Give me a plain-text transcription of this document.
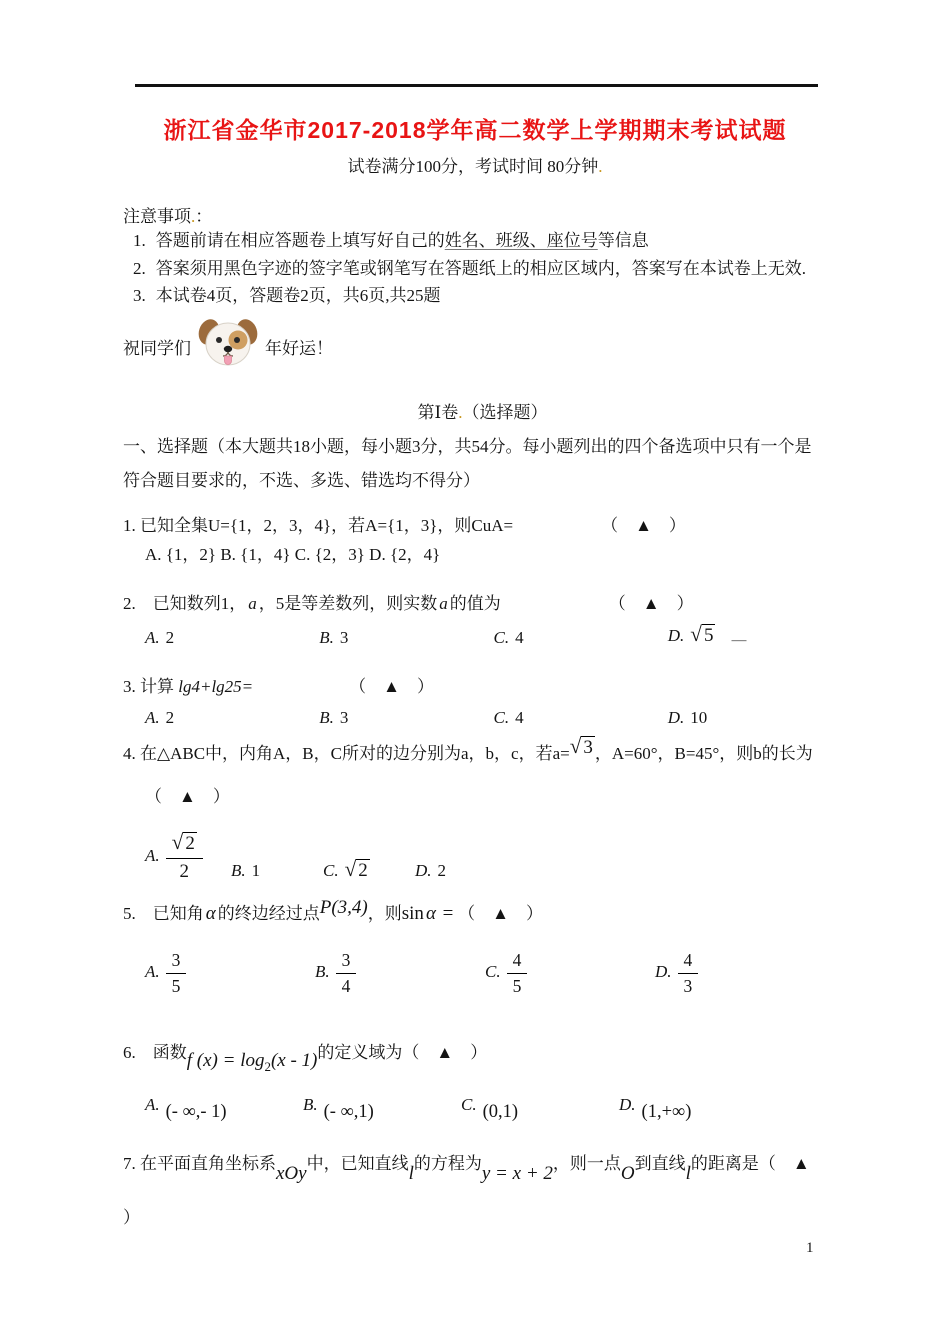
浙江省金华市2017-2018学年高二数学上学期期末考试试题
试卷满分100分，考试时间 80分钟.
注意事项.：
1. 答题前请在相应答题卷上填写好自己的姓名、班级、座位号等信息
2. 答案须用黑色字迹的签字笔或钢笔写在答题纸上的相应区域内，答案写在本试卷上无效.
3. 本试卷4页，答题卷2页，共6页,共25题
祝同学们	年好运！
第Ⅰ卷.（选择题）
一、选择题（本大题共18小题，每小题3分，共54分。每小题列出的四个备选项中只有一个是
符合题目要求的，不选、多选、错选均不得分）
1. 已知全集U={1，2，3，4}，若A={1，3}，则CuA=	（　▲　）
A. {1，2} B. {1，4} C. {2，3} D. {2，4}
2.　已知数列1， a ，5是等差数列，则实数 a 的值为	（　▲　）
A. 2	B. 3	C. 4	D. √ 5 ＿
3. 计算 lg4+lg25=	（　▲　）
A. 2	B. 3	C. 4	D. 10
4. 在△ABC中，内角A，B，C所对的边分别为a，b，c，若a=√ 3 ，A=60°，B=45°，则b的长为
（　▲　）
A. $\frac{√ 2}{2} B$. 1	C. √ 2	D. 2
5.　已知角 α 的终边经过点P(3,4)，则sin α = （　▲　）
A. $\frac{3}{5}$	B. $\frac{3}{4}$	C. $\frac{4}{5}$	D. $\frac{4}{3}$
6.　函数f $(x) = \log_2(x - 1)$的定义域为（　▲　）
A. (- ∞,- 1)	B. (- ∞,1)	C. (0,1)	D. (1,+∞)
7. 在平面直角坐标系xOy中，已知直线l的方程为y = x + 2，则一点O到直线l的距离是（　▲
）
1
